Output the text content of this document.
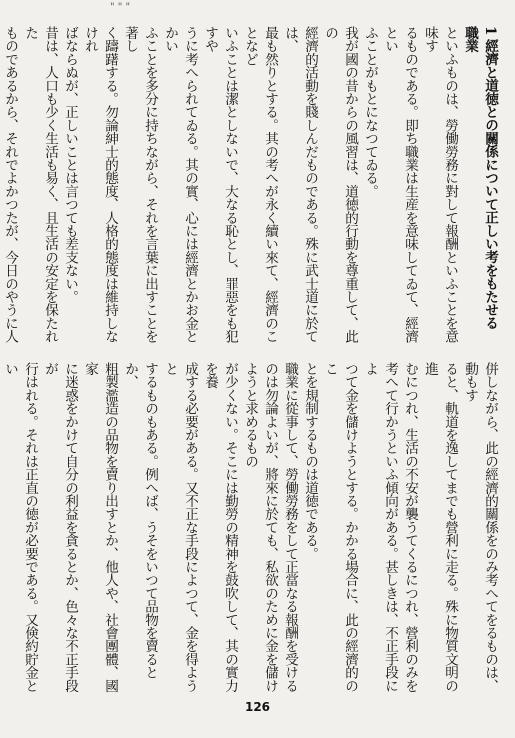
" " "
1 經濟と道徳との關係について正しい考をもたせる 職業
といふものは、勞働勞務に對して報酬といふことを意味す
るものである。即ち職業は生産を意味してゐて、經濟とい
ふことがもとになつてゐる。
我が國の昔からの風習は、道徳的行動を尊重して、此の
經濟的活動を賤しんだものである。殊に武士道に於ては、
最も然りとする。其の考へが永く續い來て、經濟のことなど
いふことは潔としないで、大なる恥とし、罪惡をも犯すや
うに考へられてゐる。其の實、心には經濟とかお金とかい
ふことを多分に持ちながら、それを言葉に出すことを著し
く躊躇する。勿論紳士的態度、人格的態度は維持しなけれ
ばならぬが、正しいことは言つても差支ない。
昔は、人口も少く生活も易く、且生活の安定を保たれた
ものであるから、それでよかつたが、今日のやうに人

併しながら、此の經濟的關係をのみ考へてをるものは、動もす
ると、軌道を逸してまでも營利に走る。殊に物質文明の進
むにつれ、生活の不安が襲うてくるにつれ、營利のみを
考へて行かうといふ傾向がある。甚しきは、不正手段によ
つて金を儲けようとする。かかる場合に、此の經濟的のこ
とを規制するものは道徳である。
職業に從事して、勞働勞務をして正當なる報酬を受ける
のは勿論よいが、將來に於ても、私欲のために金を儲けようと求めるもの
が少くない。そこには勤勞の精神を鼓吹して、其の實力を養
成する必要がある。又不正な手段によつて、金を得ようと
するものもある。例へば、うそをいつて品物を賣るとか、
粗製濫造の品物を賣り出すとか、他人や、社會團體、國家
に迷惑をかけて自分の利益を貪るとか、色々な不正手段が
行はれる。それは正直の徳が必要である。又倹約貯金とい

126
